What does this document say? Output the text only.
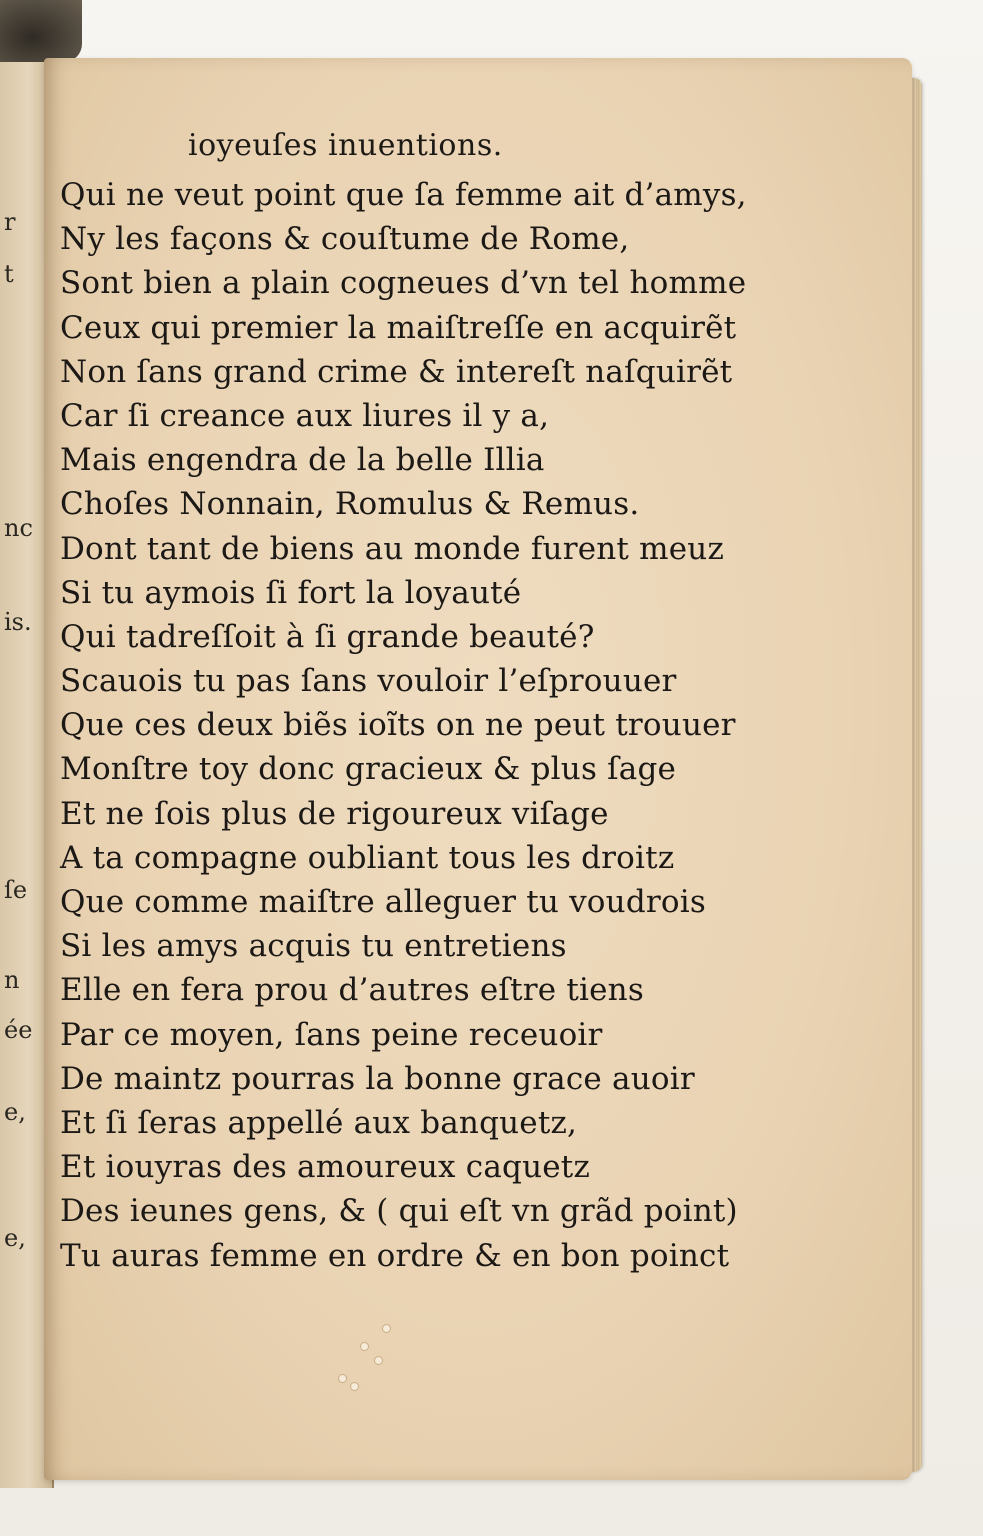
r
t
nc
is.
ſe
n
ée
e,
e,
ioyeuſes inuentions.
Qui ne veut point que ſa femme ait d’amys,
Ny les façons & couſtume de Rome,
Sont bien a plain cogneues d’vn tel homme
Ceux qui premier la maiſtreſſe en acquirẽt
Non ſans grand crime & intereſt naſquirẽt
Car ſi creance aux liures il y a,
Mais engendra de la belle Illia
Choſes Nonnain, Romulus & Remus.
Dont tant de biens au monde furent meuz
Si tu aymois ſi fort la loyauté
Qui tadreſſoit à ſi grande beauté?
Scauois tu pas ſans vouloir l’eſprouuer
Que ces deux biẽs ioĩts on ne peut trouuer
Monſtre toy donc gracieux & plus ſage
Et ne ſois plus de rigoureux viſage
A ta compagne oubliant tous les droitz
Que comme maiſtre alleguer tu voudrois
Si les amys acquis tu entretiens
Elle en fera prou d’autres eſtre tiens
Par ce moyen, ſans peine receuoir
De maintz pourras la bonne grace auoir
Et ſi ſeras appellé aux banquetz,
Et iouyras des amoureux caquetz
Des ieunes gens, & ( qui eſt vn grãd point)
Tu auras femme en ordre & en bon poinct
